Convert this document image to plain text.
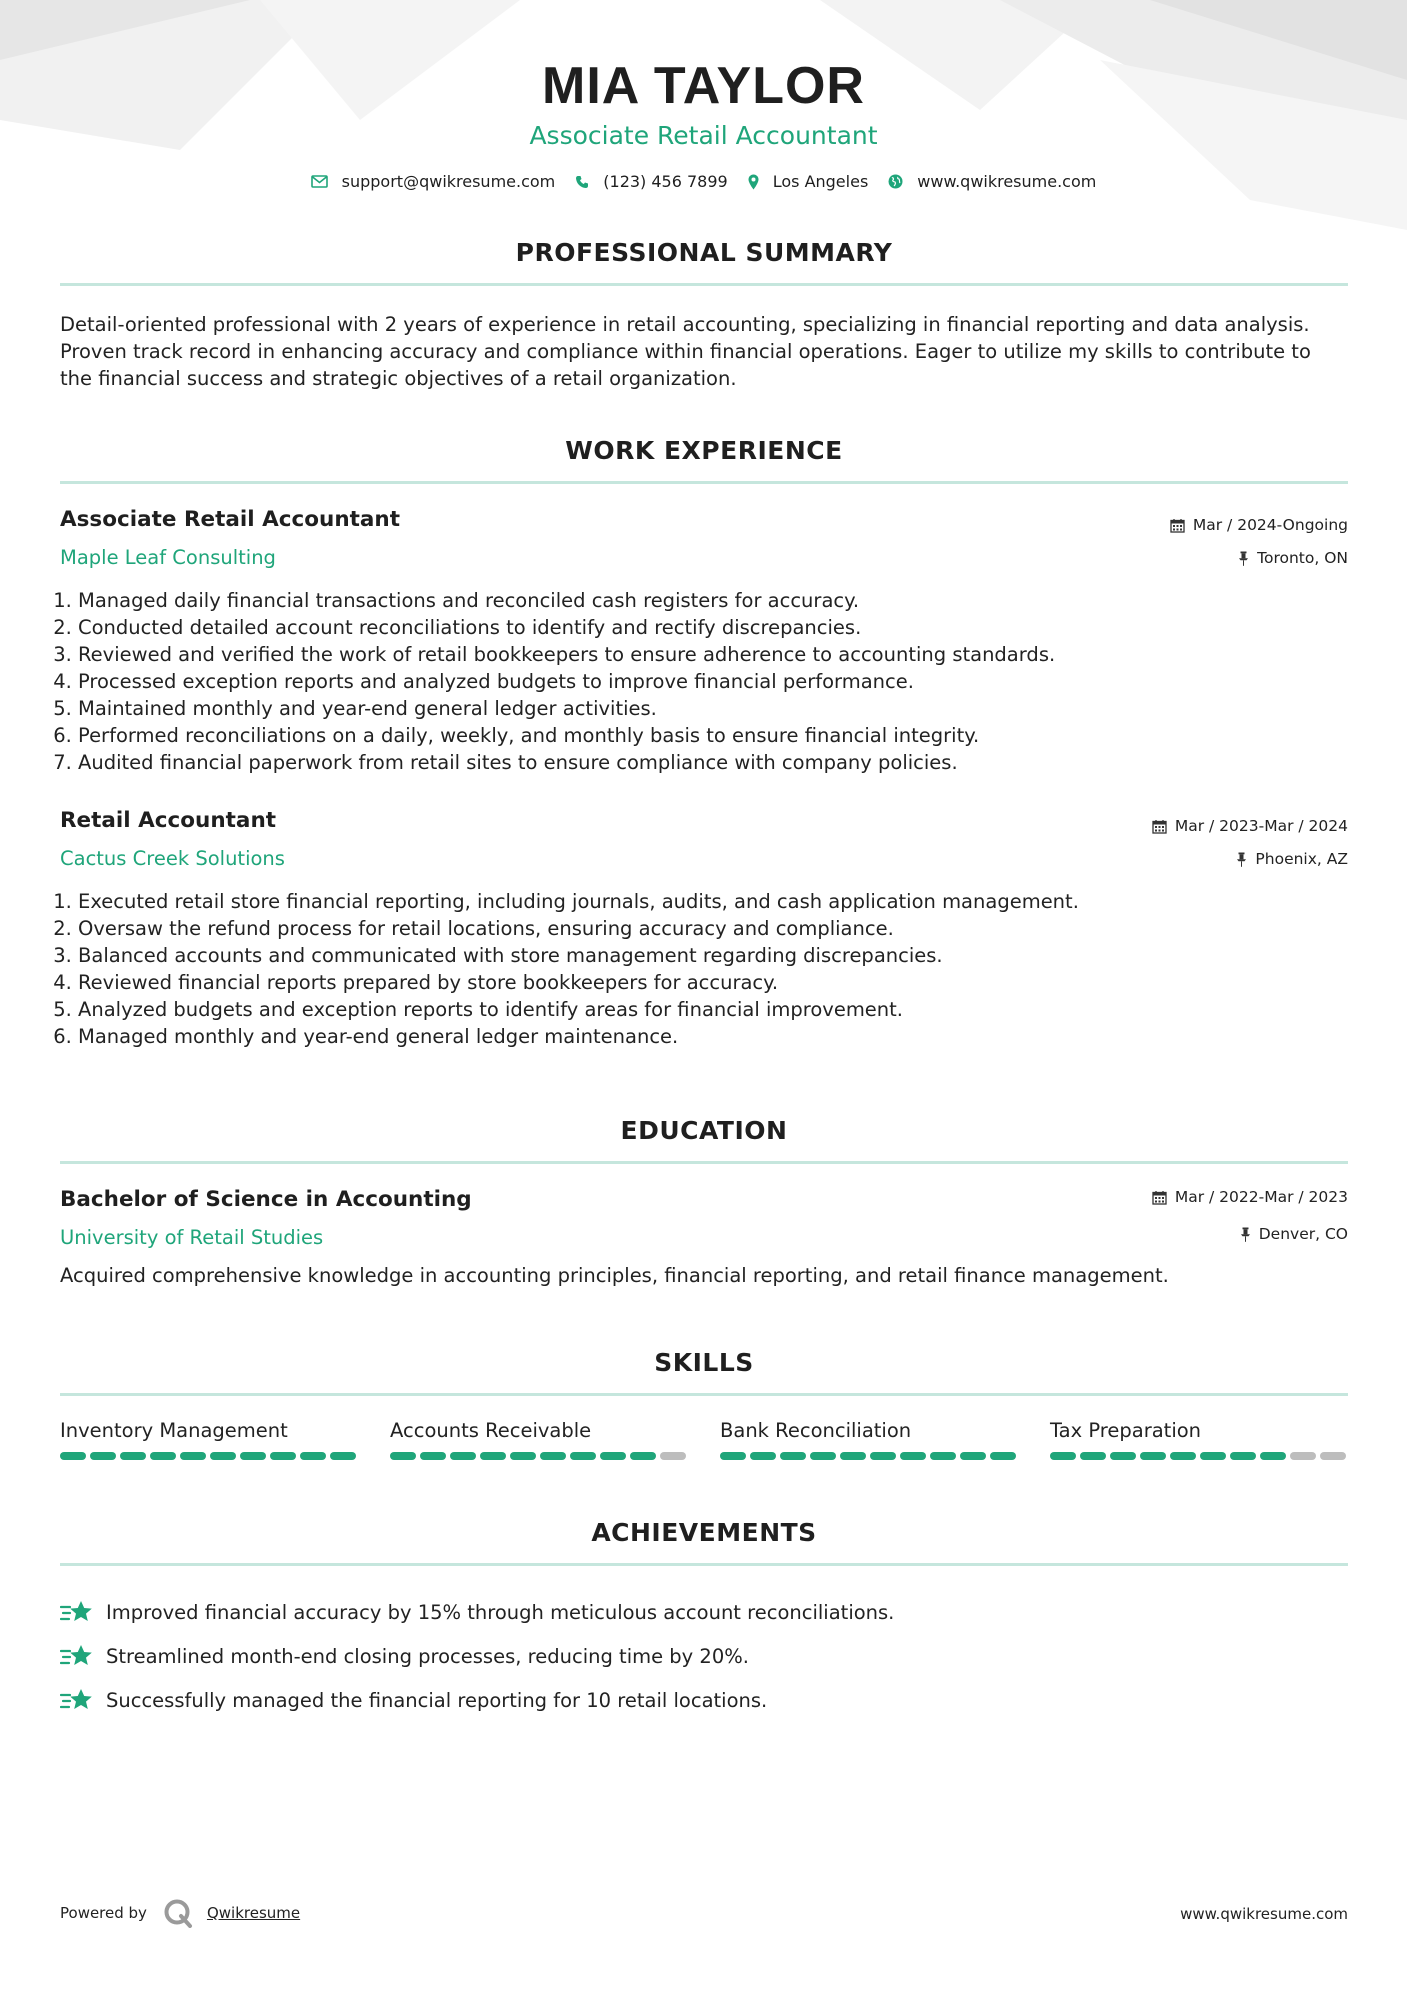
MIA TAYLOR
Associate Retail Accountant
support@qwikresume.com	(123) 456 7899	Los Angeles	www.qwikresume.com
PROFESSIONAL SUMMARY
Detail-oriented professional with 2 years of experience in retail accounting, specializing in financial reporting and data analysis. Proven track record in enhancing accuracy and compliance within financial operations. Eager to utilize my skills to contribute to the financial success and strategic objectives of a retail organization.
WORK EXPERIENCE
Associate Retail Accountant
Maple Leaf Consulting
Mar / 2024-Ongoing
Toronto, ON
1. Managed daily financial transactions and reconciled cash registers for accuracy.
2. Conducted detailed account reconciliations to identify and rectify discrepancies.
3. Reviewed and verified the work of retail bookkeepers to ensure adherence to accounting standards.
4. Processed exception reports and analyzed budgets to improve financial performance.
5. Maintained monthly and year-end general ledger activities.
6. Performed reconciliations on a daily, weekly, and monthly basis to ensure financial integrity.
7. Audited financial paperwork from retail sites to ensure compliance with company policies.
Retail Accountant
Cactus Creek Solutions
Mar / 2023-Mar / 2024
Phoenix, AZ
1. Executed retail store financial reporting, including journals, audits, and cash application management.
2. Oversaw the refund process for retail locations, ensuring accuracy and compliance.
3. Balanced accounts and communicated with store management regarding discrepancies.
4. Reviewed financial reports prepared by store bookkeepers for accuracy.
5. Analyzed budgets and exception reports to identify areas for financial improvement.
6. Managed monthly and year-end general ledger maintenance.
EDUCATION
Bachelor of Science in Accounting
University of Retail Studies
Mar / 2022-Mar / 2023
Denver, CO
Acquired comprehensive knowledge in accounting principles, financial reporting, and retail finance management.
SKILLS
Inventory Management	Accounts Receivable	Bank Reconciliation	Tax Preparation
ACHIEVEMENTS
Improved financial accuracy by 15% through meticulous account reconciliations.
Streamlined month-end closing processes, reducing time by 20%.
Successfully managed the financial reporting for 10 retail locations.
Powered by	Qwikresume	www.qwikresume.com
